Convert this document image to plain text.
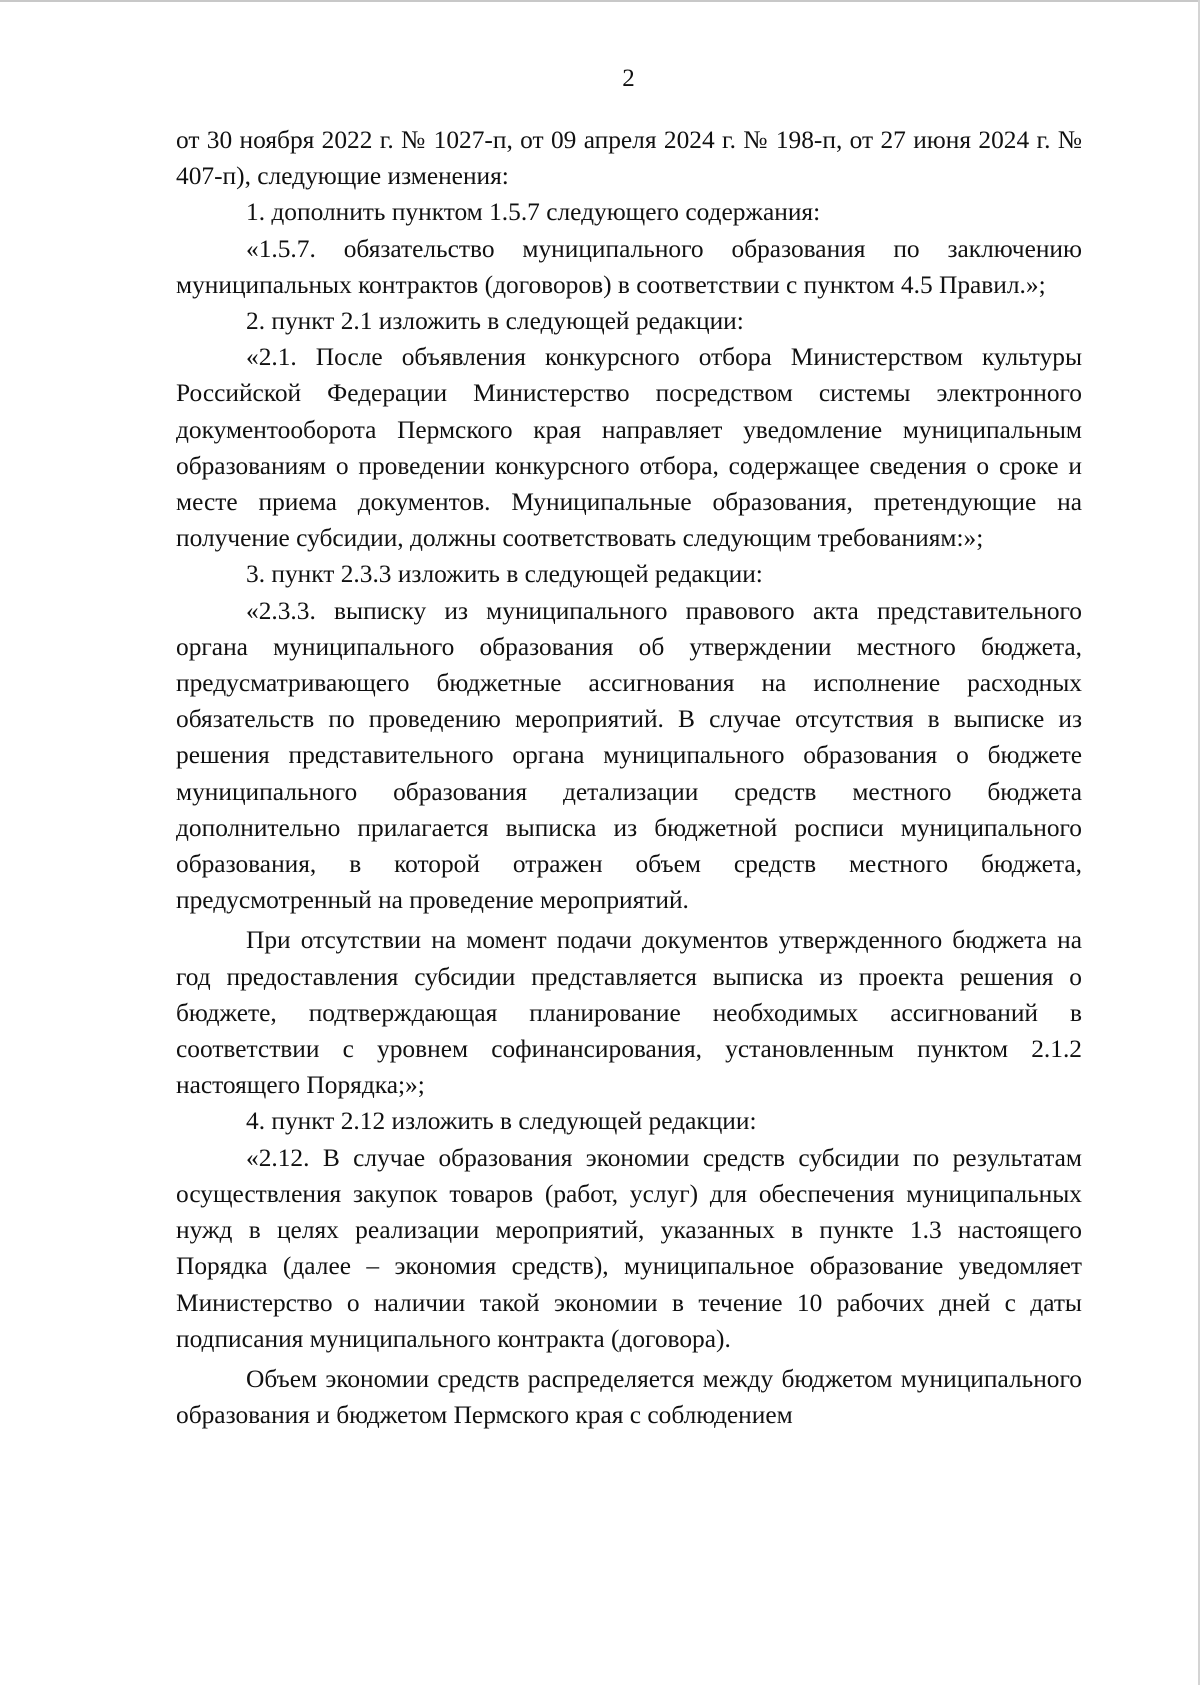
2

от 30 ноября 2022 г. № 1027-п, от 09 апреля 2024 г. № 198-п, от 27 июня 2024 г. № 407-п), следующие изменения:

1. дополнить пунктом 1.5.7 следующего содержания:

«1.5.7. обязательство муниципального образования по заключению муниципальных контрактов (договоров) в соответствии с пунктом 4.5 Правил.»;

2. пункт 2.1 изложить в следующей редакции:

«2.1. После объявления конкурсного отбора Министерством культуры Российской Федерации Министерство посредством системы электронного документооборота Пермского края направляет уведомление муниципальным образованиям о проведении конкурсного отбора, содержащее сведения о сроке и месте приема документов. Муниципальные образования, претендующие на получение субсидии, должны соответствовать следующим требованиям:»;

3. пункт 2.3.3 изложить в следующей редакции:

«2.3.3. выписку из муниципального правового акта представительного органа муниципального образования об утверждении местного бюджета, предусматривающего бюджетные ассигнования на исполнение расходных обязательств по проведению мероприятий. В случае отсутствия в выписке из решения представительного органа муниципального образования о бюджете муниципального образования детализации средств местного бюджета дополнительно прилагается выписка из бюджетной росписи муниципального образования, в которой отражен объем средств местного бюджета, предусмотренный на проведение мероприятий.

При отсутствии на момент подачи документов утвержденного бюджета на год предоставления субсидии представляется выписка из проекта решения о бюджете, подтверждающая планирование необходимых ассигнований в соответствии с уровнем софинансирования, установленным пунктом 2.1.2 настоящего Порядка;»;

4. пункт 2.12 изложить в следующей редакции:

«2.12. В случае образования экономии средств субсидии по результатам осуществления закупок товаров (работ, услуг) для обеспечения муниципальных нужд в целях реализации мероприятий, указанных в пункте 1.3 настоящего Порядка (далее – экономия средств), муниципальное образование уведомляет Министерство о наличии такой экономии в течение 10 рабочих дней с даты подписания муниципального контракта (договора).

Объем экономии средств распределяется между бюджетом муниципального образования и бюджетом Пермского края с соблюдением
